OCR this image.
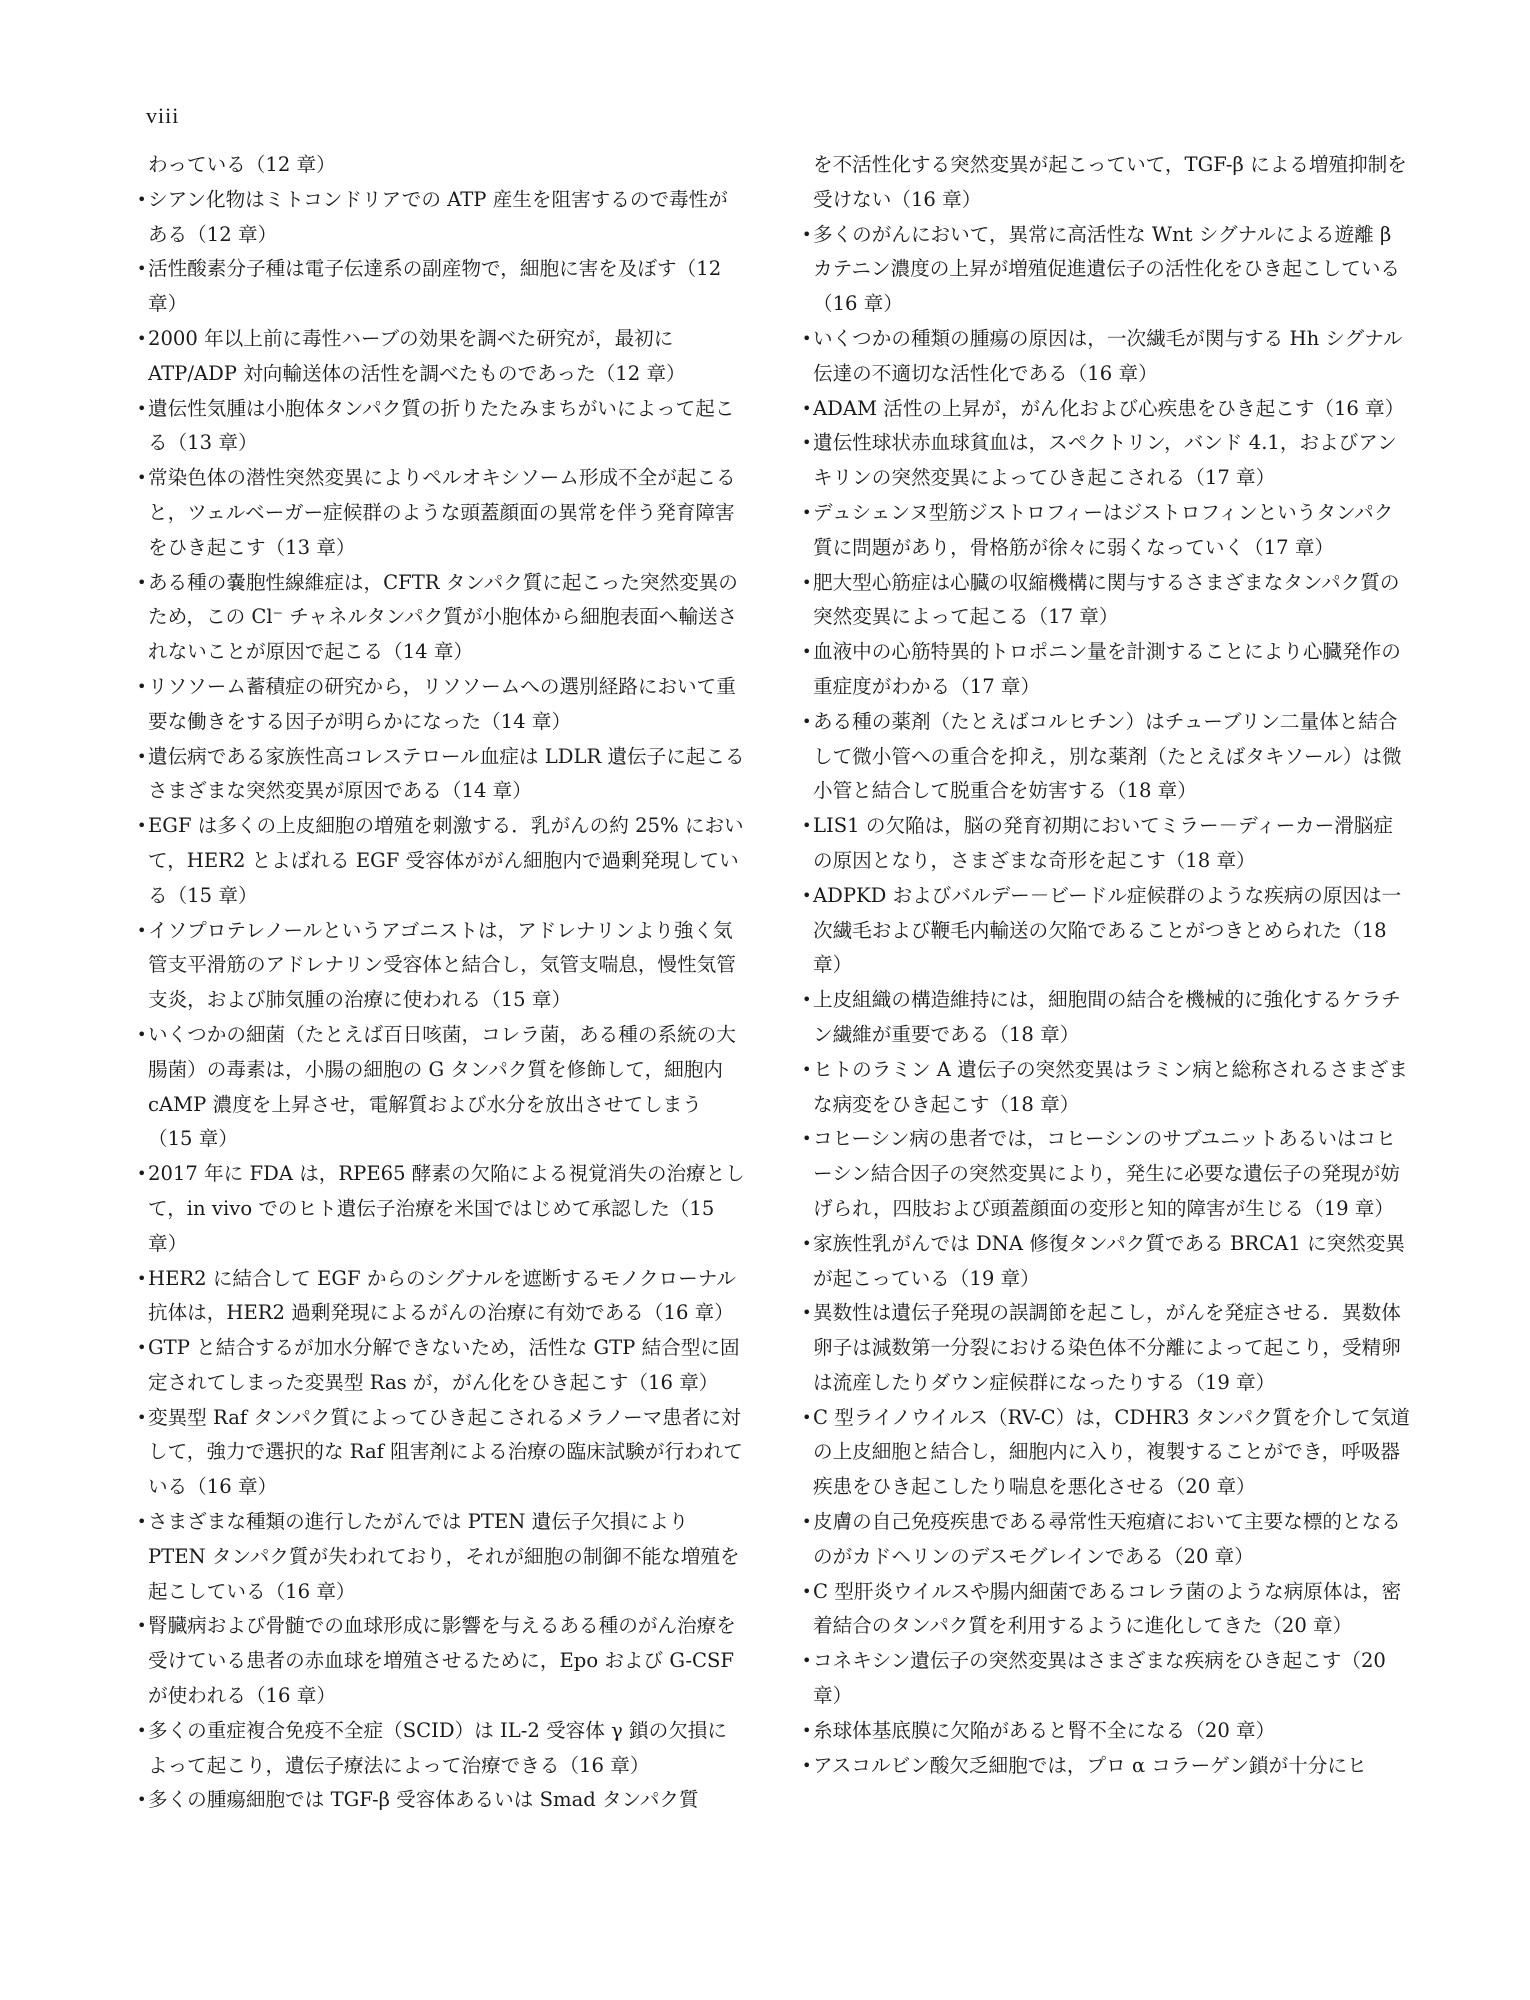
viii
わっている（12 章）
• シアン化物はミトコンドリアでの ATP 産生を阻害するので毒性がある（12 章）
• 活性酸素分子種は電子伝達系の副産物で，細胞に害を及ぼす（12 章）
• 2000 年以上前に毒性ハーブの効果を調べた研究が，最初に ATP/ADP 対向輸送体の活性を調べたものであった（12 章）
• 遺伝性気腫は小胞体タンパク質の折りたたみまちがいによって起こる（13 章）
• 常染色体の潜性突然変異によりペルオキシソーム形成不全が起こると，ツェルベーガー症候群のような頭蓋顔面の異常を伴う発育障害をひき起こす（13 章）
• ある種の嚢胞性線維症は，CFTR タンパク質に起こった突然変異のため，この Cl⁻ チャネルタンパク質が小胞体から細胞表面へ輸送されないことが原因で起こる（14 章）
• リソソーム蓄積症の研究から，リソソームへの選別経路において重要な働きをする因子が明らかになった（14 章）
• 遺伝病である家族性高コレステロール血症は LDLR 遺伝子に起こるさまざまな突然変異が原因である（14 章）
• EGF は多くの上皮細胞の増殖を刺激する．乳がんの約 25% において，HER2 とよばれる EGF 受容体ががん細胞内で過剰発現している（15 章）
• イソプロテレノールというアゴニストは，アドレナリンより強く気管支平滑筋のアドレナリン受容体と結合し，気管支喘息，慢性気管支炎，および肺気腫の治療に使われる（15 章）
• いくつかの細菌（たとえば百日咳菌，コレラ菌，ある種の系統の大腸菌）の毒素は，小腸の細胞の G タンパク質を修飾して，細胞内 cAMP 濃度を上昇させ，電解質および水分を放出させてしまう（15 章）
• 2017 年に FDA は，RPE65 酵素の欠陥による視覚消失の治療として，in vivo でのヒト遺伝子治療を米国ではじめて承認した（15 章）
• HER2 に結合して EGF からのシグナルを遮断するモノクローナル抗体は，HER2 過剰発現によるがんの治療に有効である（16 章）
• GTP と結合するが加水分解できないため，活性な GTP 結合型に固定されてしまった変異型 Ras が，がん化をひき起こす（16 章）
• 変異型 Raf タンパク質によってひき起こされるメラノーマ患者に対して，強力で選択的な Raf 阻害剤による治療の臨床試験が行われている（16 章）
• さまざまな種類の進行したがんでは PTEN 遺伝子欠損により PTEN タンパク質が失われており，それが細胞の制御不能な増殖を起こしている（16 章）
• 腎臓病および骨髄での血球形成に影響を与えるある種のがん治療を受けている患者の赤血球を増殖させるために，Epo および G-CSF が使われる（16 章）
• 多くの重症複合免疫不全症（SCID）は IL-2 受容体 γ 鎖の欠損によって起こり，遺伝子療法によって治療できる（16 章）
• 多くの腫瘍細胞では TGF-β 受容体あるいは Smad タンパク質
を不活性化する突然変異が起こっていて，TGF-β による増殖抑制を受けない（16 章）
• 多くのがんにおいて，異常に高活性な Wnt シグナルによる遊離 β カテニン濃度の上昇が増殖促進遺伝子の活性化をひき起こしている（16 章）
• いくつかの種類の腫瘍の原因は，一次繊毛が関与する Hh シグナル伝達の不適切な活性化である（16 章）
• ADAM 活性の上昇が，がん化および心疾患をひき起こす（16 章）
• 遺伝性球状赤血球貧血は，スペクトリン，バンド 4.1，およびアンキリンの突然変異によってひき起こされる（17 章）
• デュシェンヌ型筋ジストロフィーはジストロフィンというタンパク質に問題があり，骨格筋が徐々に弱くなっていく（17 章）
• 肥大型心筋症は心臓の収縮機構に関与するさまざまなタンパク質の突然変異によって起こる（17 章）
• 血液中の心筋特異的トロポニン量を計測することにより心臓発作の重症度がわかる（17 章）
• ある種の薬剤（たとえばコルヒチン）はチューブリン二量体と結合して微小管への重合を抑え，別な薬剤（たとえばタキソール）は微小管と結合して脱重合を妨害する（18 章）
• LIS1 の欠陥は，脳の発育初期においてミラー－ディーカー滑脳症の原因となり，さまざまな奇形を起こす（18 章）
• ADPKD およびバルデー－ビードル症候群のような疾病の原因は一次繊毛および鞭毛内輸送の欠陥であることがつきとめられた（18 章）
• 上皮組織の構造維持には，細胞間の結合を機械的に強化するケラチン繊維が重要である（18 章）
• ヒトのラミン A 遺伝子の突然変異はラミン病と総称されるさまざまな病変をひき起こす（18 章）
• コヒーシン病の患者では，コヒーシンのサブユニットあるいはコヒーシン結合因子の突然変異により，発生に必要な遺伝子の発現が妨げられ，四肢および頭蓋顔面の変形と知的障害が生じる（19 章）
• 家族性乳がんでは DNA 修復タンパク質である BRCA1 に突然変異が起こっている（19 章）
• 異数性は遺伝子発現の誤調節を起こし，がんを発症させる．異数体卵子は減数第一分裂における染色体不分離によって起こり，受精卵は流産したりダウン症候群になったりする（19 章）
• C 型ライノウイルス（RV-C）は，CDHR3 タンパク質を介して気道の上皮細胞と結合し，細胞内に入り，複製することができ，呼吸器疾患をひき起こしたり喘息を悪化させる（20 章）
• 皮膚の自己免疫疾患である尋常性天疱瘡において主要な標的となるのがカドヘリンのデスモグレインである（20 章）
• C 型肝炎ウイルスや腸内細菌であるコレラ菌のような病原体は，密着結合のタンパク質を利用するように進化してきた（20 章）
• コネキシン遺伝子の突然変異はさまざまな疾病をひき起こす（20 章）
• 糸球体基底膜に欠陥があると腎不全になる（20 章）
• アスコルビン酸欠乏細胞では，プロ α コラーゲン鎖が十分にヒ
